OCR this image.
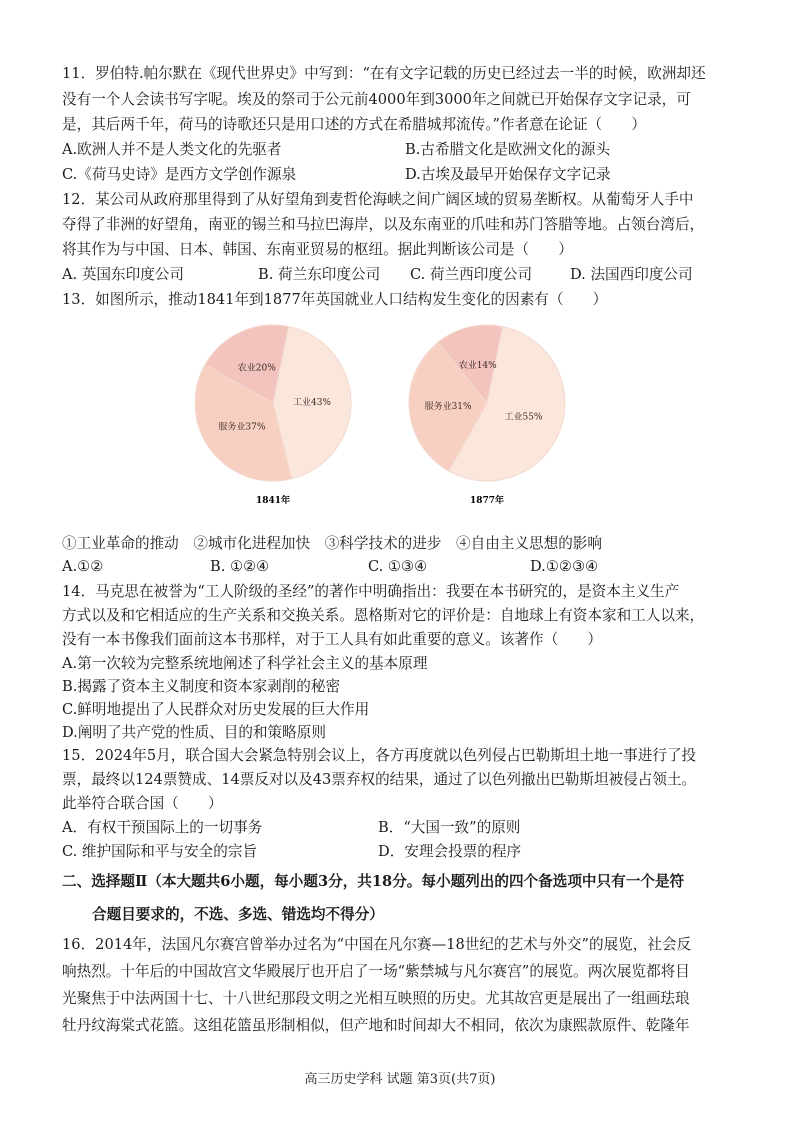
11．罗伯特.帕尔默在《现代世界史》中写到：“在有文字记载的历史已经过去一半的时候，欧洲却还
没有一个人会读书写字呢。埃及的祭司于公元前4000年到3000年之间就已开始保存文字记录，可
是，其后两千年，荷马的诗歌还只是用口述的方式在希腊城邦流传。”作者意在论证（　　）
A.欧洲人并不是人类文化的先驱者	B.古希腊文化是欧洲文化的源头
C.《荷马史诗》是西方文学创作源泉	D.古埃及最早开始保存文字记录
12．某公司从政府那里得到了从好望角到麦哲伦海峡之间广阔区域的贸易垄断权。从葡萄牙人手中
夺得了非洲的好望角，南亚的锡兰和马拉巴海岸，以及东南亚的爪哇和苏门答腊等地。占领台湾后，
将其作为与中国、日本、韩国、东南亚贸易的枢纽。据此判断该公司是（　　）
A. 英国东印度公司	B. 荷兰东印度公司 C. 荷兰西印度公司	D. 法国西印度公司
13．如图所示，推动1841年到1877年英国就业人口结构发生变化的因素有（　　）
工业43%
服务业37%
农业20%
工业55%
服务业31%
农业14%
1841年	1877年
①工业革命的推动　②城市化进程加快　③科学技术的进步　④自由主义思想的影响
A.①②	B. ①②④	C. ①③④	D.①②③④
14．马克思在被誉为“工人阶级的圣经”的著作中明确指出：我要在本书研究的，是资本主义生产
方式以及和它相适应的生产关系和交换关系。恩格斯对它的评价是：自地球上有资本家和工人以来，
没有一本书像我们面前这本书那样，对于工人具有如此重要的意义。该著作（　　）
A.第一次较为完整系统地阐述了科学社会主义的基本原理
B.揭露了资本主义制度和资本家剥削的秘密
C.鲜明地提出了人民群众对历史发展的巨大作用
D.阐明了共产党的性质、目的和策略原则
15．2024年5月，联合国大会紧急特别会议上，各方再度就以色列侵占巴勒斯坦土地一事进行了投
票，最终以124票赞成、14票反对以及43票弃权的结果，通过了以色列撤出巴勒斯坦被侵占领土。
此举符合联合国（　　）
A．有权干预国际上的一切事务	B．“大国一致”的原则
C. 维护国际和平与安全的宗旨	D．安理会投票的程序
二、选择题Ⅱ（本大题共6小题，每小题3分，共18分。每小题列出的四个备选项中只有一个是符
合题目要求的，不选、多选、错选均不得分）
16．2014年，法国凡尔赛宫曾举办过名为“中国在凡尔赛—18世纪的艺术与外交”的展览，社会反
响热烈。十年后的中国故宫文华殿展厅也开启了一场“紫禁城与凡尔赛宫”的展览。两次展览都将目
光聚焦于中法两国十七、十八世纪那段文明之光相互映照的历史。尤其故宫更是展出了一组画珐琅
牡丹纹海棠式花篮。这组花篮虽形制相似，但产地和时间却大不相同，依次为康熙款原件、乾隆年
高三历史学科 试题 第3页(共7页)
